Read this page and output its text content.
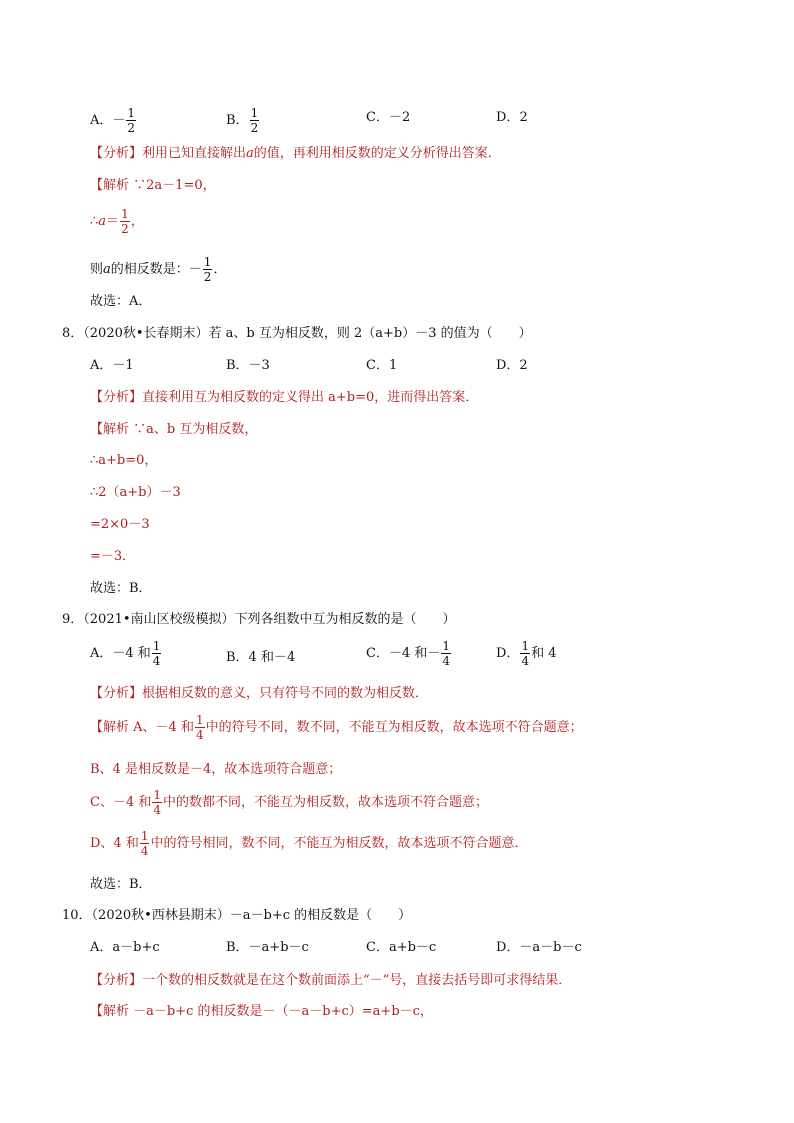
A．－ $\frac{1}{2}$	B． $\frac{1}{2}$	C．－2	D．2
【分析】利用已知直接解出a的值，再利用相反数的定义分析得出答案．
【解析 ∵2a－1=0，
∴a＝ $\frac{1}{2}$ ，
则a的相反数是：－ $\frac{1}{2}$ ．
故选：A．
8．（2020秋•长春期末）若 a、b 互为相反数，则 2（a+b）－3 的值为（　　）
A．－1	B．－3	C．1	D．2
【分析】直接利用互为相反数的定义得出 a+b=0，进而得出答案．
【解析 ∵a、b 互为相反数，
∴a+b=0，
∴2（a+b）－3
=2×0－3
=－3．
故选：B．
9．（2021•南山区校级模拟）下列各组数中互为相反数的是（　　）
A．－4 和 $\frac{1}{4}$	B．4 和－4	C．－4 和－ $\frac{1}{4}$	D． $\frac{1}{4}$ 和 4
【分析】根据相反数的意义，只有符号不同的数为相反数．
【解析 A、－4 和 $\frac{1}{4}$ 中的符号不同，数不同，不能互为相反数，故本选项不符合题意；
B、4 是相反数是－4，故本选项符合题意；
C、－4 和 $\frac{1}{4}$ 中的数都不同，不能互为相反数，故本选项不符合题意；
D、4 和 $\frac{1}{4}$ 中的符号相同，数不同，不能互为相反数，故本选项不符合题意．
故选：B．
10．（2020秋•西林县期末）－a－b+c 的相反数是（　　）
A．a－b+c	B．－a+b－c	C．a+b－c	D．－a－b－c
【分析】一个数的相反数就是在这个数前面添上“－”号，直接去括号即可求得结果．
【解析 －a－b+c 的相反数是－（－a－b+c）=a+b－c，
